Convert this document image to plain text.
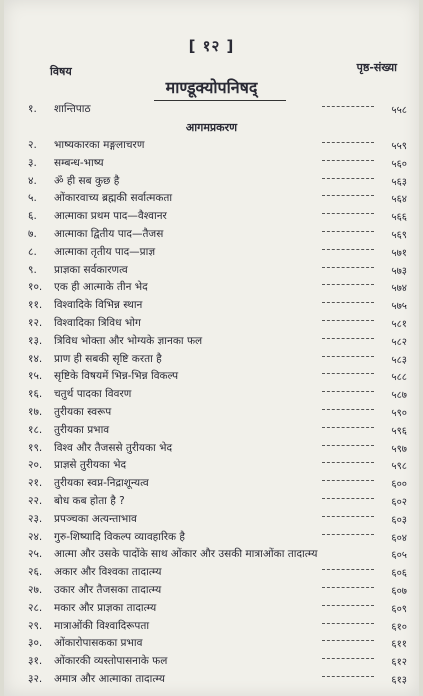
[ १२ ]
विषय	पृष्ठ-संख्या
माण्डूक्योपनिषद्
१. शान्तिपाठ	५५८
आगमप्रकरण
२. भाष्यकारका मङ्गलाचरण	५५९
३. सम्बन्ध-भाष्य	५६०
४. ॐ ही सब कुछ है	५६३
५. ओंकारवाच्य ब्रह्मकी सर्वात्मकता	५६४
६. आत्माका प्रथम पाद—वैश्वानर	५६६
७. आत्माका द्वितीय पाद—तैजस	५६९
८. आत्माका तृतीय पाद—प्राज्ञ	५७१
९. प्राज्ञका सर्वकारणत्व	५७३
१०. एक ही आत्माके तीन भेद	५७४
११. विश्वादिके विभिन्न स्थान	५७५
१२. विश्वादिका त्रिविध भोग	५८१
१३. त्रिविध भोक्ता और भोग्यके ज्ञानका फल	५८२
१४. प्राण ही सबकी सृष्टि करता है	५८३
१५. सृष्टिके विषयमें भिन्न-भिन्न विकल्प	५८८
१६. चतुर्थ पादका विवरण	५८७
१७. तुरीयका स्वरूप	५९०
१८. तुरीयका प्रभाव	५९६
१९. विश्व और तैजससे तुरीयका भेद	५९७
२०. प्राज्ञसे तुरीयका भेद	५९८
२१. तुरीयका स्वप्न-निद्राशून्यत्व	६००
२२. बोध कब होता है ?	६०२
२३. प्रपञ्चका अत्यन्ताभाव	६०३
२४. गुरु-शिष्यादि विकल्प व्यावहारिक है	६०४
२५. आत्मा और उसके पादोंके साथ ओंकार और उसकी मात्राओंका तादात्म्य	६०५
२६. अकार और विश्वका तादात्म्य	६०६
२७. उकार और तैजसका तादात्म्य	६०७
२८. मकार और प्राज्ञका तादात्म्य	६०९
२९. मात्राओंकी विश्वादिरूपता	६१०
३०. ओंकारोपासकका प्रभाव	६११
३१. ओंकारकी व्यस्तोपासनाके फल	६१२
३२. अमात्र और आत्माका तादात्म्य	६१३
